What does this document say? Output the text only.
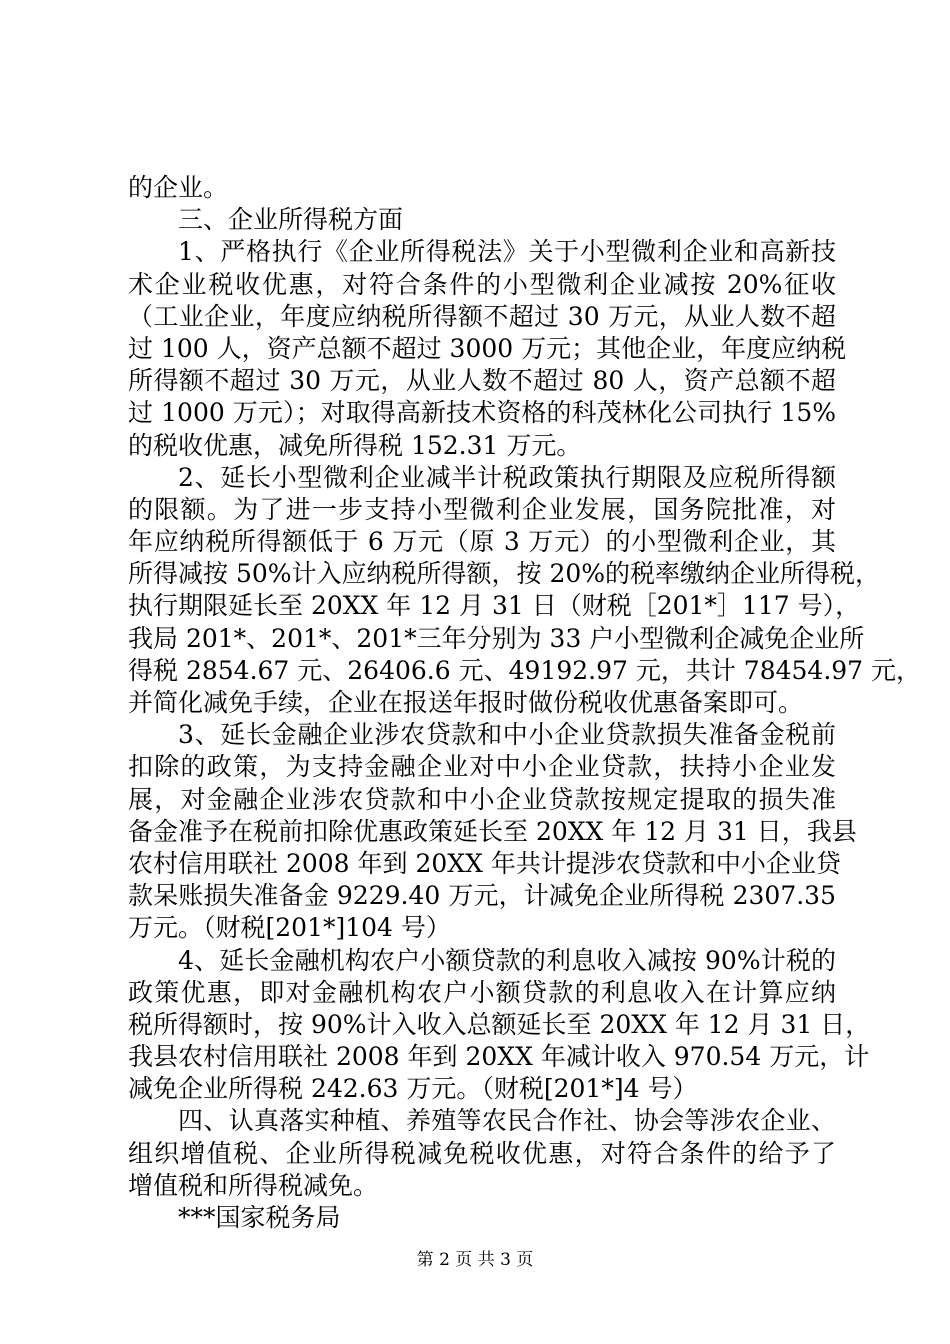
的企业。
三、企业所得税方面
1、严格执行《企业所得税法》关于小型微利企业和高新技
术企业税收优惠，对符合条件的小型微利企业减按 20%征收
（工业企业，年度应纳税所得额不超过 30 万元，从业人数不超
过 100 人，资产总额不超过 3000 万元；其他企业，年度应纳税
所得额不超过 30 万元，从业人数不超过 80 人，资产总额不超
过 1000 万元）；对取得高新技术资格的科茂林化公司执行 15%
的税收优惠，减免所得税 152.31 万元。
2、延长小型微利企业减半计税政策执行期限及应税所得额
的限额。为了进一步支持小型微利企业发展，国务院批准，对
年应纳税所得额低于 6 万元（原 3 万元）的小型微利企业，其
所得减按 50%计入应纳税所得额，按 20%的税率缴纳企业所得税，
执行期限延长至 20XX 年 12 月 31 日（财税［201*］117 号），
我局 201*、201*、201*三年分别为 33 户小型微利企减免企业所
得税 2854.67 元、26406.6 元、49192.97 元，共计 78454.97 元，
并简化减免手续，企业在报送年报时做份税收优惠备案即可。
3、延长金融企业涉农贷款和中小企业贷款损失准备金税前
扣除的政策，为支持金融企业对中小企业贷款，扶持小企业发
展，对金融企业涉农贷款和中小企业贷款按规定提取的损失准
备金准予在税前扣除优惠政策延长至 20XX 年 12 月 31 日，我县
农村信用联社 2008 年到 20XX 年共计提涉农贷款和中小企业贷
款呆账损失准备金 9229.40 万元，计减免企业所得税 2307.35
万元。（财税[201*]104 号）
4、延长金融机构农户小额贷款的利息收入减按 90%计税的
政策优惠，即对金融机构农户小额贷款的利息收入在计算应纳
税所得额时，按 90%计入收入总额延长至 20XX 年 12 月 31 日，
我县农村信用联社 2008 年到 20XX 年减计收入 970.54 万元，计
减免企业所得税 242.63 万元。（财税[201*]4 号）
四、认真落实种植、养殖等农民合作社、协会等涉农企业、
组织增值税、企业所得税减免税收优惠，对符合条件的给予了
增值税和所得税减免。
***国家税务局
第 2 页 共 3 页
